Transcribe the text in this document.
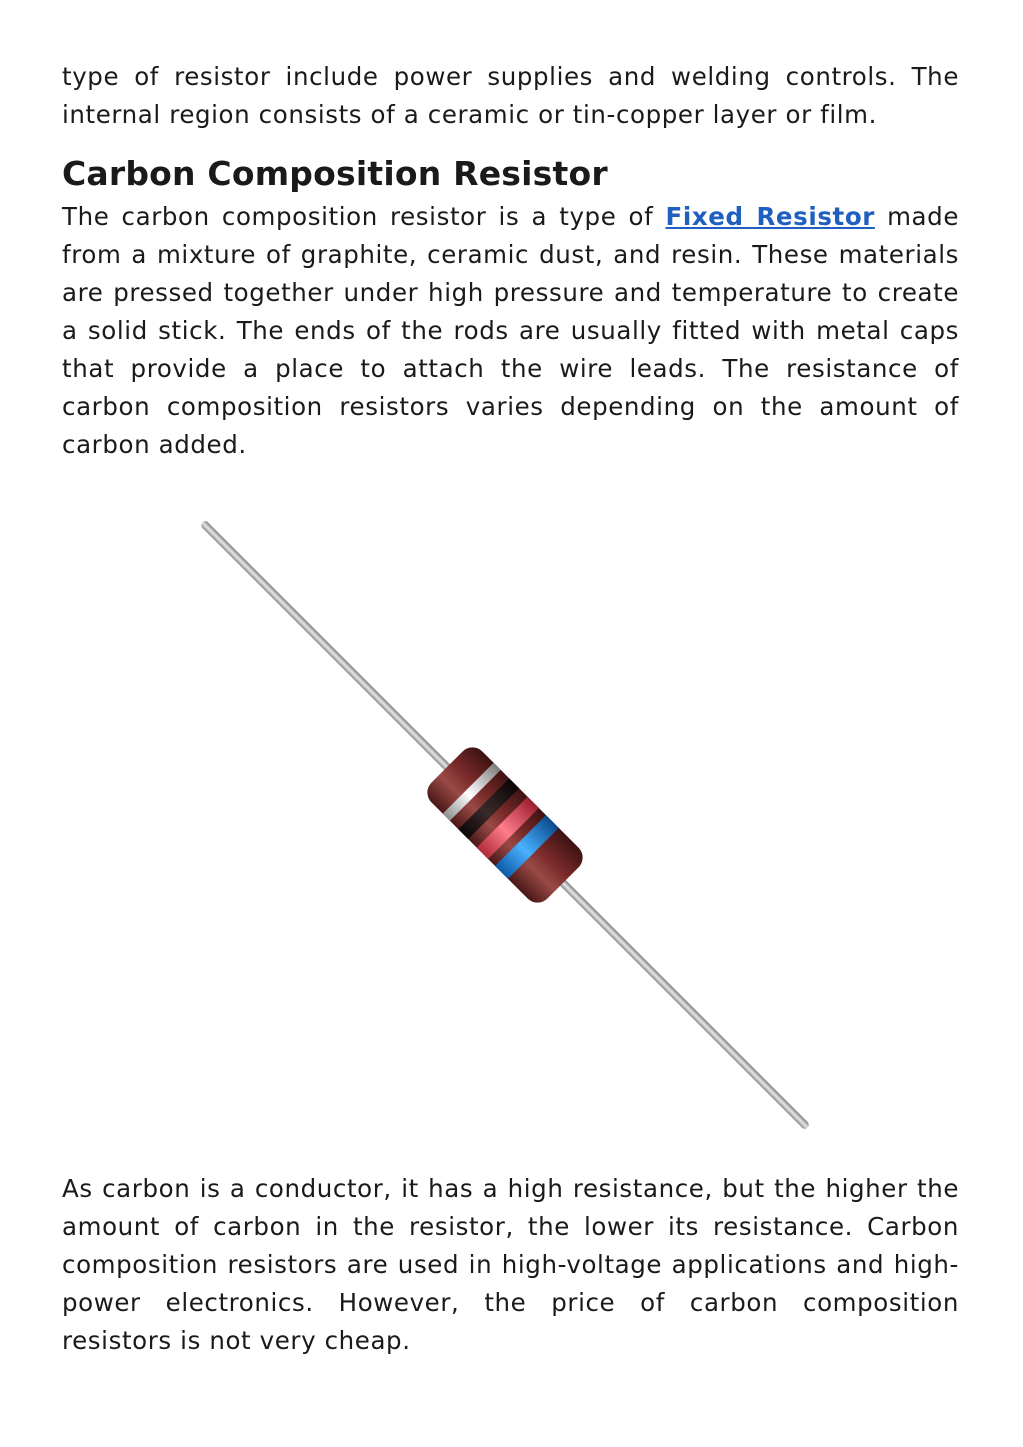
type of resistor include power supplies and welding controls. The internal region consists of a ceramic or tin-copper layer or film.

Carbon Composition Resistor

The carbon composition resistor is a type of Fixed Resistor made from a mixture of graphite, ceramic dust, and resin. These materials are pressed together under high pressure and temperature to create a solid stick. The ends of the rods are usually fitted with metal caps that provide a place to attach the wire leads. The resistance of carbon composition resistors varies depending on the amount of carbon added.

As carbon is a conductor, it has a high resistance, but the higher the amount of carbon in the resistor, the lower its resistance. Carbon composition resistors are used in high-voltage applications and high-power electronics. However, the price of carbon composition resistors is not very cheap.
